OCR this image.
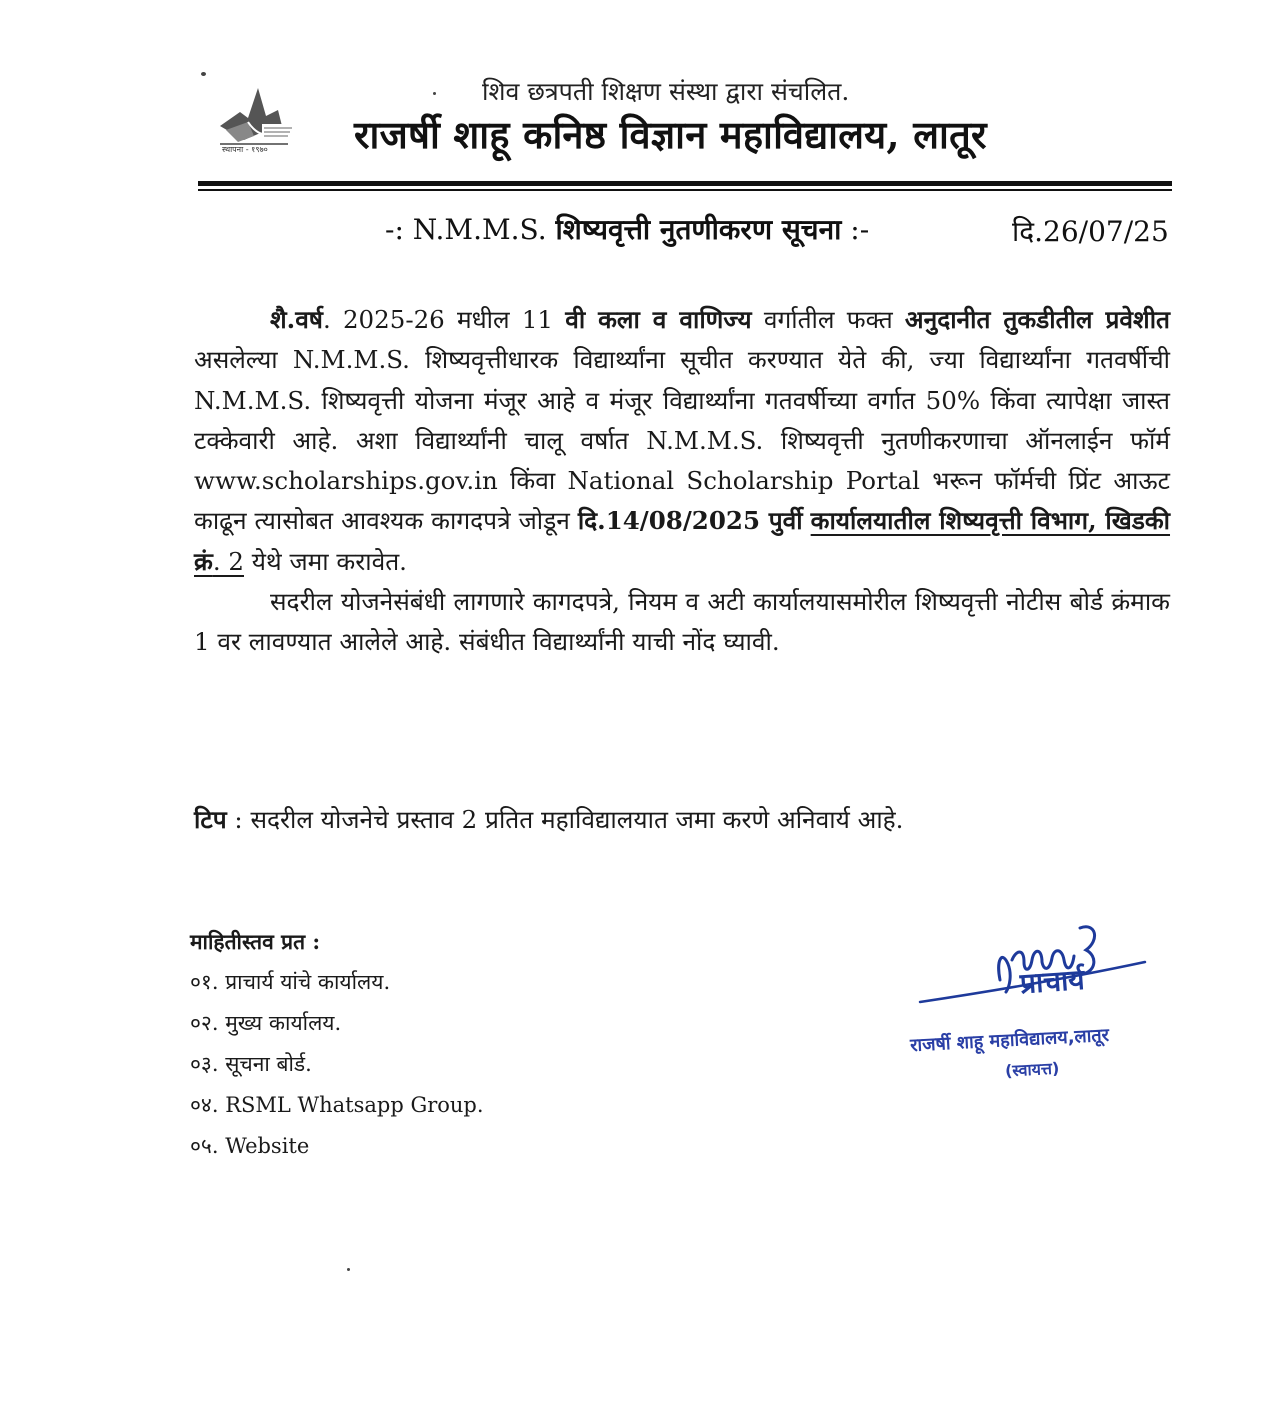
स्थापना - १९७०
शिव छत्रपती शिक्षण संस्था द्वारा संचलित.
राजर्षी शाहू कनिष्ठ विज्ञान महाविद्यालय, लातूर
-: N.M.M.S. शिष्यवृत्ती नुतणीकरण सूचना :-	दि.26/07/25

शै.वर्ष. 2025-26 मधील 11 वी कला व वाणिज्य वर्गातील फक्त अनुदानीत तुकडीतील प्रवेशीत असलेल्या N.M.M.S. शिष्यवृत्तीधारक विद्यार्थ्यांना सूचीत करण्यात येते की, ज्या विद्यार्थ्यांना गतवर्षीची N.M.M.S. शिष्यवृत्ती योजना मंजूर आहे व मंजूर विद्यार्थ्यांना गतवर्षीच्या वर्गात 50% किंवा त्यापेक्षा जास्त टक्केवारी आहे. अशा विद्यार्थ्यांनी चालू वर्षात N.M.M.S. शिष्यवृत्ती नुतणीकरणाचा ऑनलाईन फॉर्म www.scholarships.gov.in किंवा National Scholarship Portal भरून फॉर्मची प्रिंट आऊट काढून त्यासोबत आवश्यक कागदपत्रे जोडून दि.14/08/2025 पुर्वी कार्यालयातील शिष्यवृत्ती विभाग, खिडकी क्रं. 2 येथे जमा करावेत.

सदरील योजनेसंबंधी लागणारे कागदपत्रे, नियम व अटी कार्यालयासमोरील शिष्यवृत्ती नोटीस बोर्ड क्रंमाक 1 वर लावण्यात आलेले आहे. संबंधीत विद्यार्थ्यांनी याची नोंद घ्यावी.

टिप : सदरील योजनेचे प्रस्ताव 2 प्रतित महाविद्यालयात जमा करणे अनिवार्य आहे.
माहितीस्तव प्रत :
०१. प्राचार्य यांचे कार्यालय.
०२. मुख्य कार्यालय.
०३. सूचना बोर्ड.
०४. RSML Whatsapp Group.
०५. Website
प्राचार्य
राजर्षी शाहू महाविद्यालय,लातूर
(स्वायत्त)
